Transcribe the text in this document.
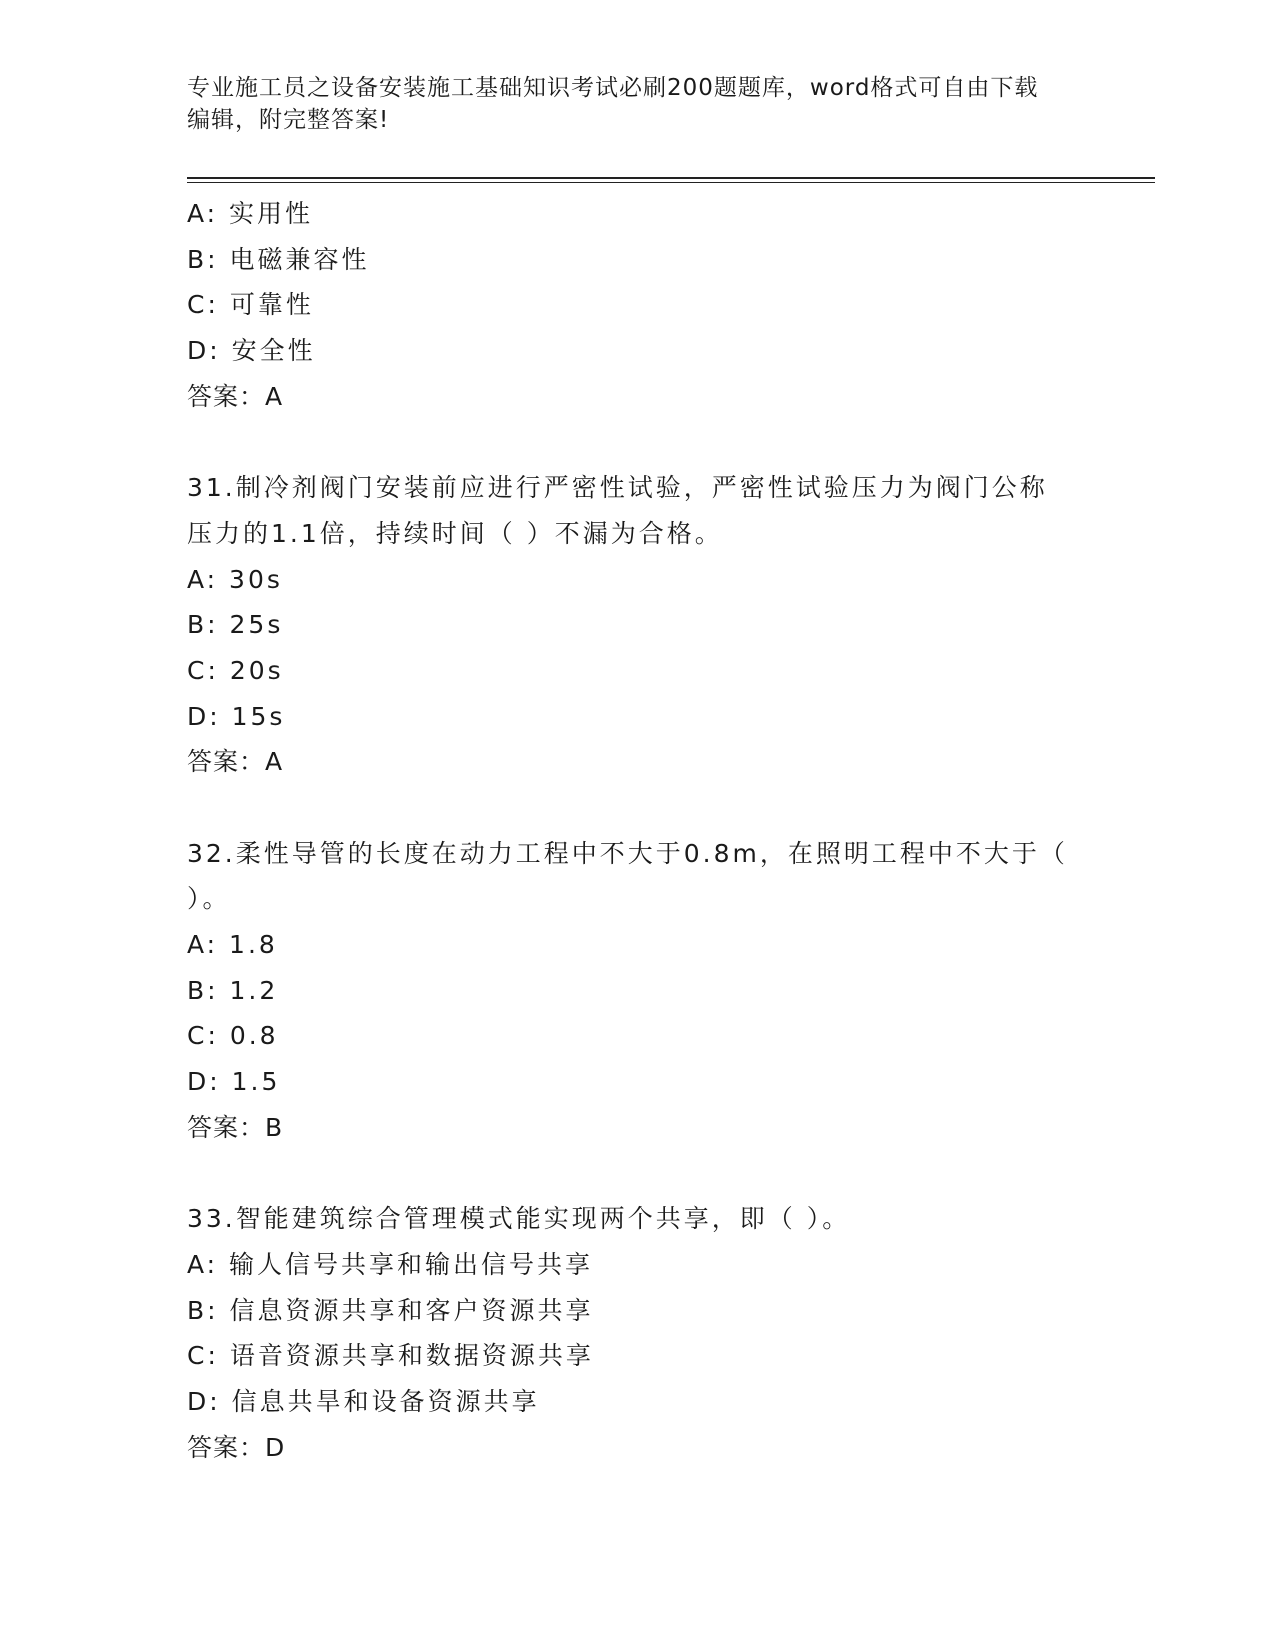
专业施工员之设备安装施工基础知识考试必刷200题题库，word格式可自由下载
编辑，附完整答案!
A: 实用性
B: 电磁兼容性
C: 可靠性
D: 安全性
答案：A
31.制冷剂阀门安装前应进行严密性试验，严密性试验压力为阀门公称
压力的1.1倍，持续时间（ ）不漏为合格。
A: 30s
B: 25s
C: 20s
D: 15s
答案：A
32.柔性导管的长度在动力工程中不大于0.8m，在照明工程中不大于（
）。
A: 1.8
B: 1.2
C: 0.8
D: 1.5
答案：B
33.智能建筑综合管理模式能实现两个共享，即（ ）。
A: 输人信号共享和输出信号共享
B: 信息资源共享和客户资源共享
C: 语音资源共享和数据资源共享
D: 信息共旱和设备资源共享
答案：D
